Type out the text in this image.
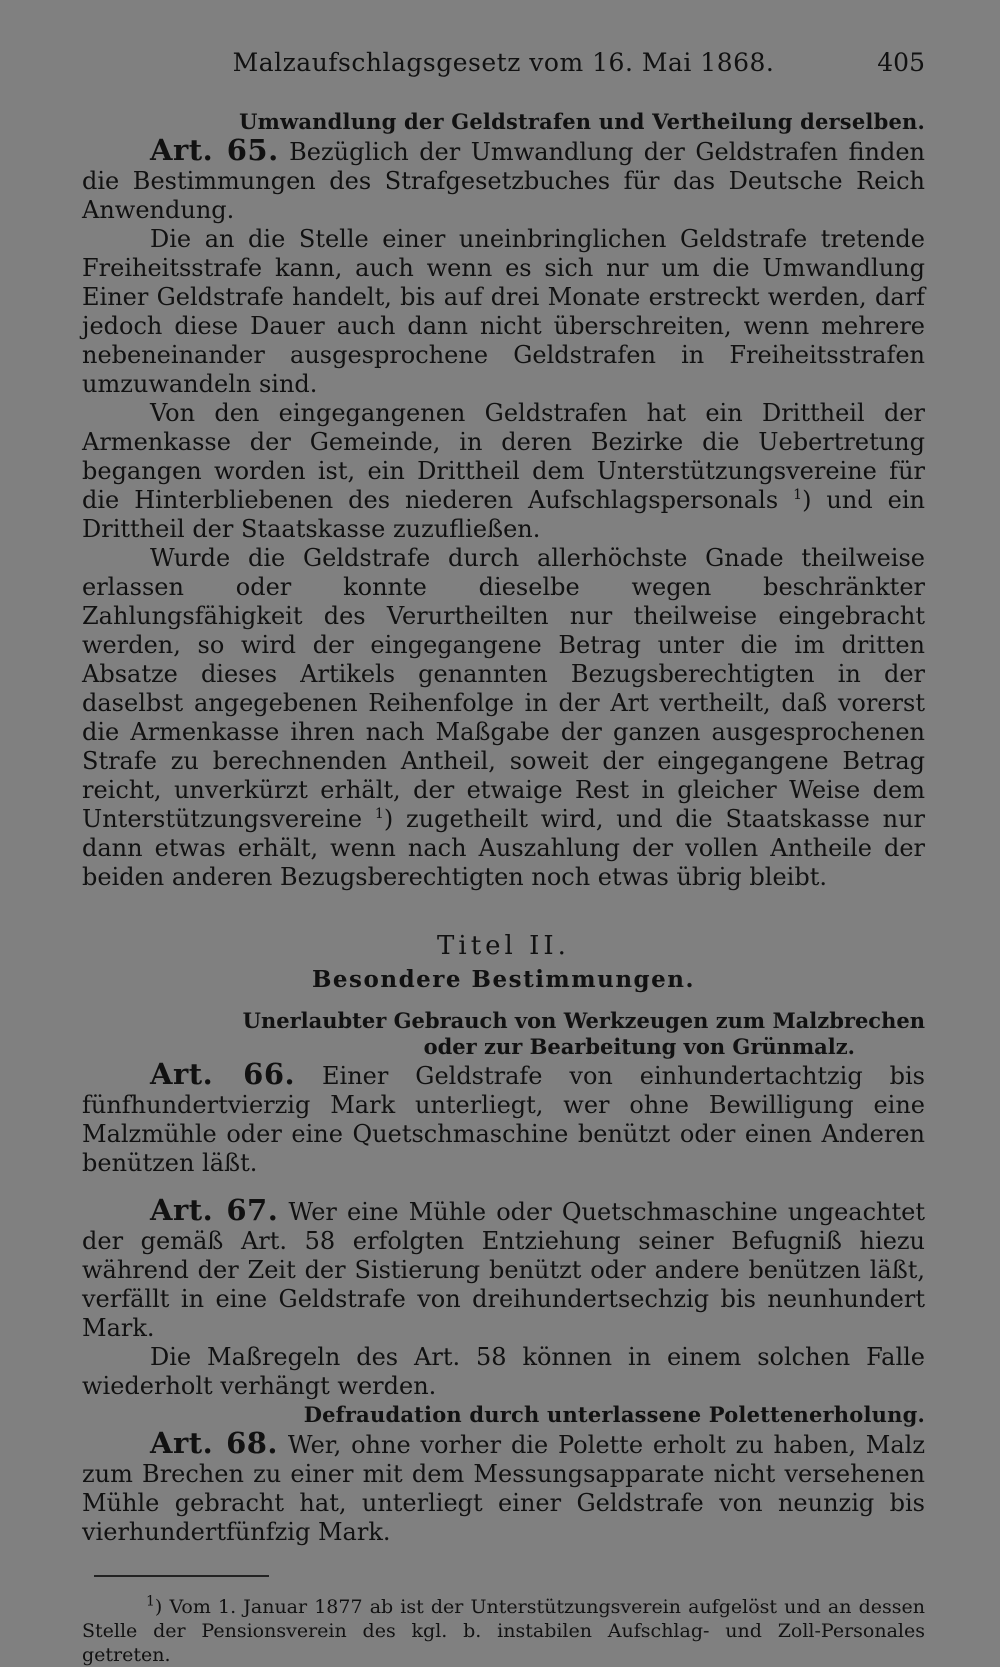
Malzaufschlagsgesetz vom 16. Mai 1868.	405
Umwandlung der Geldstrafen und Vertheilung derselben.

Art. 65. Bezüglich der Umwandlung der Geldstrafen finden die Bestimmungen des Strafgesetzbuches für das Deutsche Reich Anwendung.

Die an die Stelle einer uneinbringlichen Geldstrafe tretende Freiheitsstrafe kann, auch wenn es sich nur um die Umwandlung Einer Geldstrafe handelt, bis auf drei Monate erstreckt werden, darf jedoch diese Dauer auch dann nicht überschreiten, wenn mehrere nebeneinander ausgesprochene Geldstrafen in Freiheitsstrafen umzuwandeln sind.

Von den eingegangenen Geldstrafen hat ein Drittheil der Armenkasse der Gemeinde, in deren Bezirke die Uebertretung begangen worden ist, ein Drittheil dem Unterstützungsvereine für die Hinterbliebenen des niederen Aufschlagspersonals $^1$) und ein Drittheil der Staatskasse zuzufließen.

Wurde die Geldstrafe durch allerhöchste Gnade theilweise erlassen oder konnte dieselbe wegen beschränkter Zahlungsfähigkeit des Verurtheilten nur theilweise eingebracht werden, so wird der eingegangene Betrag unter die im dritten Absatze dieses Artikels genannten Bezugsberechtigten in der daselbst angegebenen Reihenfolge in der Art vertheilt, daß vorerst die Armenkasse ihren nach Maßgabe der ganzen ausgesprochenen Strafe zu berechnenden Antheil, soweit der eingegangene Betrag reicht, unverkürzt erhält, der etwaige Rest in gleicher Weise dem Unterstützungsvereine $^1$) zugetheilt wird, und die Staatskasse nur dann etwas erhält, wenn nach Auszahlung der vollen Antheile der beiden anderen Bezugsberechtigten noch etwas übrig bleibt.

Titel II.
Besondere Bestimmungen.
Unerlaubter Gebrauch von Werkzeugen zum Malzbrechen
oder zur Bearbeitung von Grünmalz.

Art. 66. Einer Geldstrafe von einhundertachtzig bis fünfhundertvierzig Mark unterliegt, wer ohne Bewilligung eine Malzmühle oder eine Quetschmaschine benützt oder einen Anderen benützen läßt.

Art. 67. Wer eine Mühle oder Quetschmaschine ungeachtet der gemäß Art. 58 erfolgten Entziehung seiner Befugniß hiezu während der Zeit der Sistierung benützt oder andere benützen läßt, verfällt in eine Geldstrafe von dreihundertsechzig bis neunhundert Mark.

Die Maßregeln des Art. 58 können in einem solchen Falle wiederholt verhängt werden.

Defraudation durch unterlassene Polettenerholung.

Art. 68. Wer, ohne vorher die Polette erholt zu haben, Malz zum Brechen zu einer mit dem Messungsapparate nicht versehenen Mühle gebracht hat, unterliegt einer Geldstrafe von neunzig bis vierhundertfünfzig Mark.

$^1$) Vom 1. Januar 1877 ab ist der Unterstützungsverein aufgelöst und an dessen Stelle der Pensionsverein des kgl. b. instabilen Aufschlag- und Zoll-Personales getreten.
